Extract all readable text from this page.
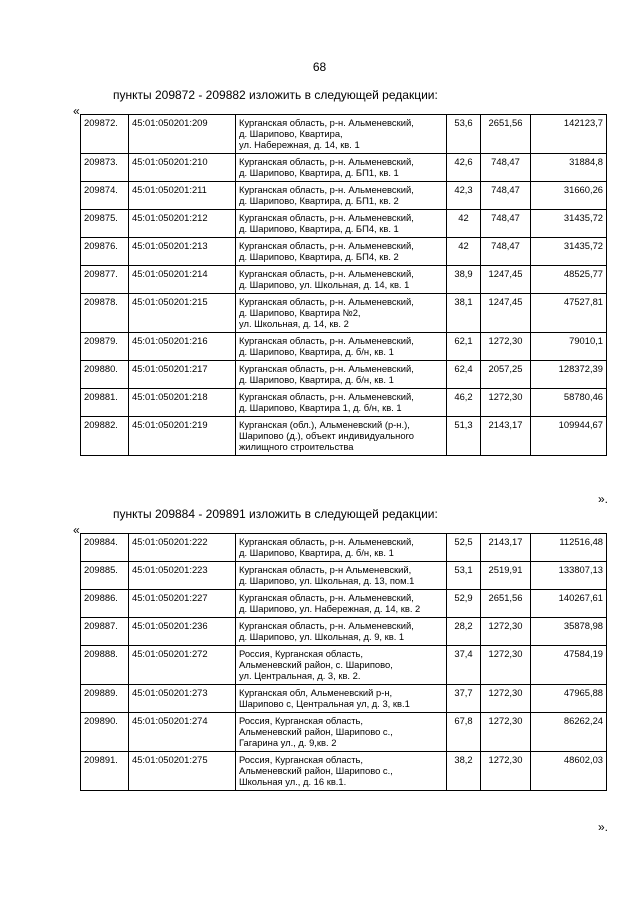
68
пункты 209872 - 209882 изложить в следующей редакции:
«
209872.	45:01:050201:209	Курганская область, р-н. Альменевский,
д. Шарипово, Квартира,
ул. Набережная, д. 14, кв. 1	53,6	2651,56	142123,7
209873.	45:01:050201:210	Курганская область, р-н. Альменевский,
д. Шарипово, Квартира, д. БП1, кв. 1	42,6	748,47	31884,8
209874.	45:01:050201:211	Курганская область, р-н. Альменевский,
д. Шарипово, Квартира, д. БП1, кв. 2	42,3	748,47	31660,26
209875.	45:01:050201:212	Курганская область, р-н. Альменевский,
д. Шарипово, Квартира, д. БП4, кв. 1	42	748,47	31435,72
209876.	45:01:050201:213	Курганская область, р-н. Альменевский,
д. Шарипово, Квартира, д. БП4, кв. 2	42	748,47	31435,72
209877.	45:01:050201:214	Курганская область, р-н. Альменевский,
д. Шарипово, ул. Школьная, д. 14, кв. 1	38,9	1247,45	48525,77
209878.	45:01:050201:215	Курганская область, р-н. Альменевский,
д. Шарипово, Квартира №2,
ул. Школьная, д. 14, кв. 2	38,1	1247,45	47527,81
209879.	45:01:050201:216	Курганская область, р-н. Альменевский,
д. Шарипово, Квартира, д. б/н, кв. 1	62,1	1272,30	79010,1
209880.	45:01:050201:217	Курганская область, р-н. Альменевский,
д. Шарипово, Квартира, д. б/н, кв. 1	62,4	2057,25	128372,39
209881.	45:01:050201:218	Курганская область, р-н. Альменевский,
д. Шарипово, Квартира 1, д. б/н, кв. 1	46,2	1272,30	58780,46
209882.	45:01:050201:219	Курганская (обл.), Альменевский (р-н.),
Шарипово (д.), объект индивидуального
жилищного строительства	51,3	2143,17	109944,67
».
пункты 209884 - 209891 изложить в следующей редакции:
«
209884.	45:01:050201:222	Курганская область, р-н. Альменевский,
д. Шарипово, Квартира, д. б/н, кв. 1	52,5	2143,17	112516,48
209885.	45:01:050201:223	Курганская область, р-н Альменевский,
д. Шарипово, ул. Школьная, д. 13, пом.1	53,1	2519,91	133807,13
209886.	45:01:050201:227	Курганская область, р-н. Альменевский,
д. Шарипово, ул. Набережная, д. 14, кв. 2	52,9	2651,56	140267,61
209887.	45:01:050201:236	Курганская область, р-н. Альменевский,
д. Шарипово, ул. Школьная, д. 9, кв. 1	28,2	1272,30	35878,98
209888.	45:01:050201:272	Россия, Курганская область,
Альменевский район, с. Шарипово,
ул. Центральная, д. 3, кв. 2.	37,4	1272,30	47584,19
209889.	45:01:050201:273	Курганская обл, Альменевский р-н,
Шарипово с, Центральная ул, д. 3, кв.1	37,7	1272,30	47965,88
209890.	45:01:050201:274	Россия, Курганская область,
Альменевский район, Шарипово с.,
Гагарина ул., д. 9,кв. 2	67,8	1272,30	86262,24
209891.	45:01:050201:275	Россия, Курганская область,
Альменевский район, Шарипово с.,
Школьная ул., д. 16 кв.1.	38,2	1272,30	48602,03
».
